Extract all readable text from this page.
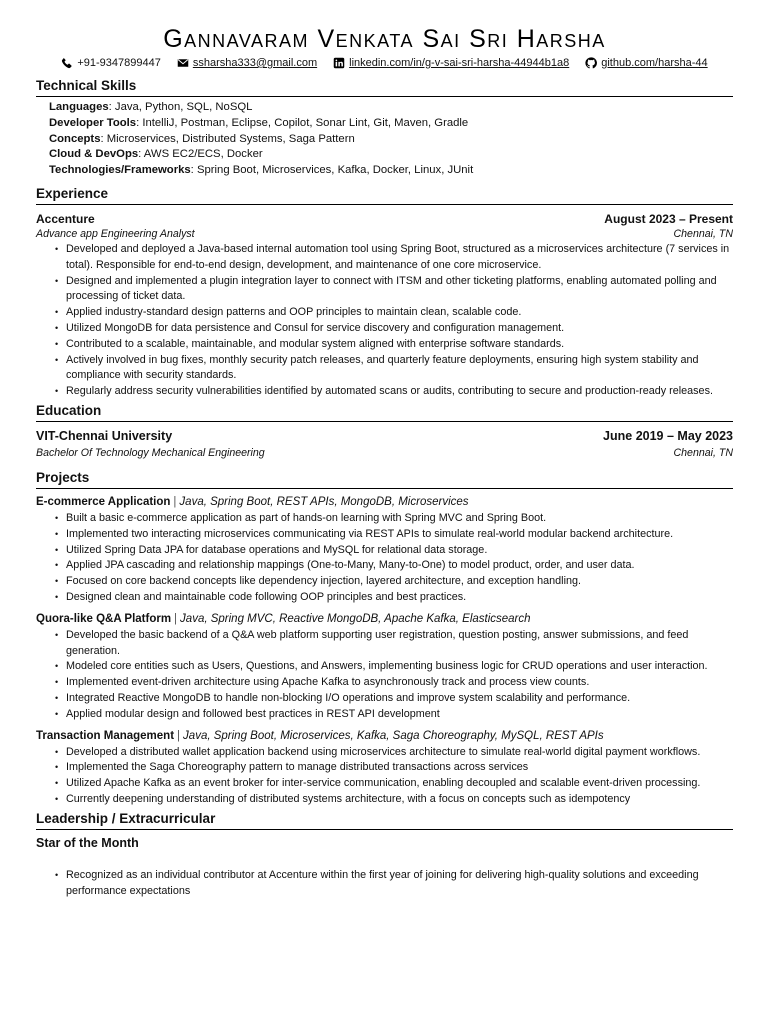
Gannavaram Venkata Sai Sri Harsha
+91-9347899447	ssharsha333@gmail.com	linkedin.com/in/g-v-sai-sri-harsha-44944b1a8	github.com/harsha-44
Technical Skills
Languages: Java, Python, SQL, NoSQL
Developer Tools: IntelliJ, Postman, Eclipse, Copilot, Sonar Lint, Git, Maven, Gradle
Concepts: Microservices, Distributed Systems, Saga Pattern
Cloud & DevOps: AWS EC2/ECS, Docker
Technologies/Frameworks: Spring Boot, Microservices, Kafka, Docker, Linux, JUnit
Experience
Accenture	August 2023 – Present
Advance app Engineering Analyst	Chennai, TN
• Developed and deployed a Java-based internal automation tool using Spring Boot, structured as a microservices architecture (7 services in total). Responsible for end-to-end design, development, and maintenance of one core microservice.
• Designed and implemented a plugin integration layer to connect with ITSM and other ticketing platforms, enabling automated polling and processing of ticket data.
• Applied industry-standard design patterns and OOP principles to maintain clean, scalable code.
• Utilized MongoDB for data persistence and Consul for service discovery and configuration management.
• Contributed to a scalable, maintainable, and modular system aligned with enterprise software standards.
• Actively involved in bug fixes, monthly security patch releases, and quarterly feature deployments, ensuring high system stability and compliance with security standards.
• Regularly address security vulnerabilities identified by automated scans or audits, contributing to secure and production-ready releases.
Education
VIT-Chennai University	June 2019 – May 2023
Bachelor Of Technology Mechanical Engineering	Chennai, TN
Projects
E-commerce Application | Java, Spring Boot, REST APIs, MongoDB, Microservices
• Built a basic e-commerce application as part of hands-on learning with Spring MVC and Spring Boot.
• Implemented two interacting microservices communicating via REST APIs to simulate real-world modular backend architecture.
• Utilized Spring Data JPA for database operations and MySQL for relational data storage.
• Applied JPA cascading and relationship mappings (One-to-Many, Many-to-One) to model product, order, and user data.
• Focused on core backend concepts like dependency injection, layered architecture, and exception handling.
• Designed clean and maintainable code following OOP principles and best practices.
Quora-like Q&A Platform | Java, Spring MVC, Reactive MongoDB, Apache Kafka, Elasticsearch
• Developed the basic backend of a Q&A web platform supporting user registration, question posting, answer submissions, and feed generation.
• Modeled core entities such as Users, Questions, and Answers, implementing business logic for CRUD operations and user interaction.
• Implemented event-driven architecture using Apache Kafka to asynchronously track and process view counts.
• Integrated Reactive MongoDB to handle non-blocking I/O operations and improve system scalability and performance.
• Applied modular design and followed best practices in REST API development
Transaction Management | Java, Spring Boot, Microservices, Kafka, Saga Choreography, MySQL, REST APIs
• Developed a distributed wallet application backend using microservices architecture to simulate real-world digital payment workflows.
• Implemented the Saga Choreography pattern to manage distributed transactions across services
• Utilized Apache Kafka as an event broker for inter-service communication, enabling decoupled and scalable event-driven processing.
• Currently deepening understanding of distributed systems architecture, with a focus on concepts such as idempotency
Leadership / Extracurricular
Star of the Month
• Recognized as an individual contributor at Accenture within the first year of joining for delivering high-quality solutions and exceeding performance expectations
